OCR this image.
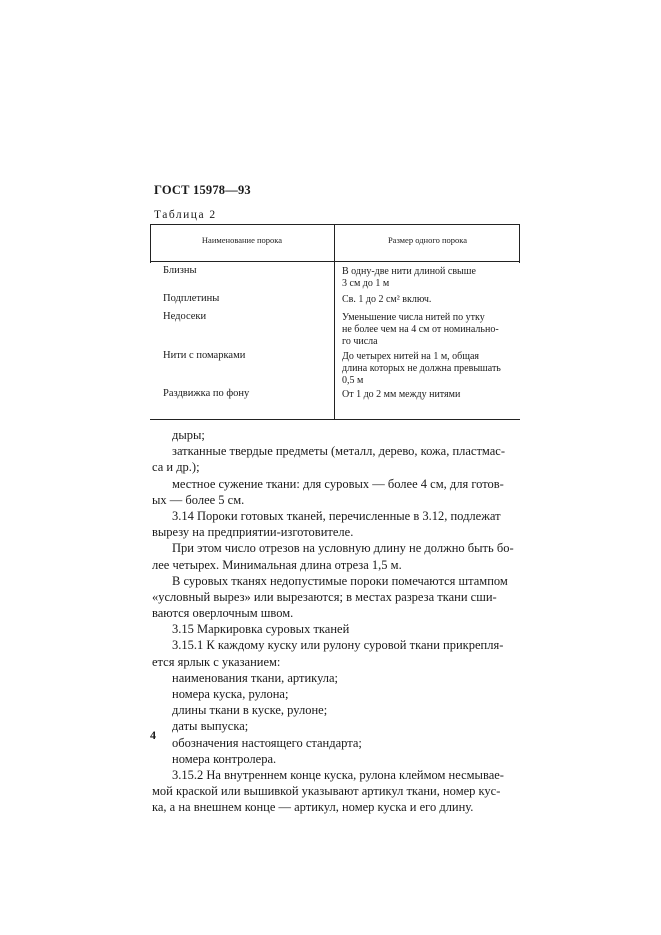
ГОСТ 15978—93
Таблица 2
Наименование порока	Размер одного порока
Близны	В одну-две нити длиной свыше
3 см до 1 м
Подплетины	Св. 1 до 2 см² включ.
Недосеки	Уменьшение числа нитей по утку
не более чем на 4 см от номинально-
го числа
Нити с помарками	До четырех нитей на 1 м, общая
длина которых не должна превышать
0,5 м
Раздвижка по фону	От 1 до 2 мм между нитями
дыры;
затканные твердые предметы (металл, дерево, кожа, пластмас-
са и др.);
местное сужение ткани: для суровых — более 4 см, для готов-
ых — более 5 см.
3.14 Пороки готовых тканей, перечисленные в 3.12, подлежат
вырезу на предприятии-изготовителе.
При этом число отрезов на условную длину не должно быть бо-
лее четырех. Минимальная длина отреза 1,5 м.
В суровых тканях недопустимые пороки помечаются штампом
«условный вырез» или вырезаются; в местах разреза ткани сши-
ваются оверлочным швом.
3.15 Маркировка суровых тканей
3.15.1 К каждому куску или рулону суровой ткани прикрепля-
ется ярлык с указанием:
наименования ткани, артикула;
номера куска, рулона;
длины ткани в куске, рулоне;
даты выпуска;
обозначения настоящего стандарта;
номера контролера.
3.15.2 На внутреннем конце куска, рулона клеймом несмываe-
мой краской или вышивкой указывают артикул ткани, номер кус-
ка, а на внешнем конце — артикул, номер куска и его длину.
4
